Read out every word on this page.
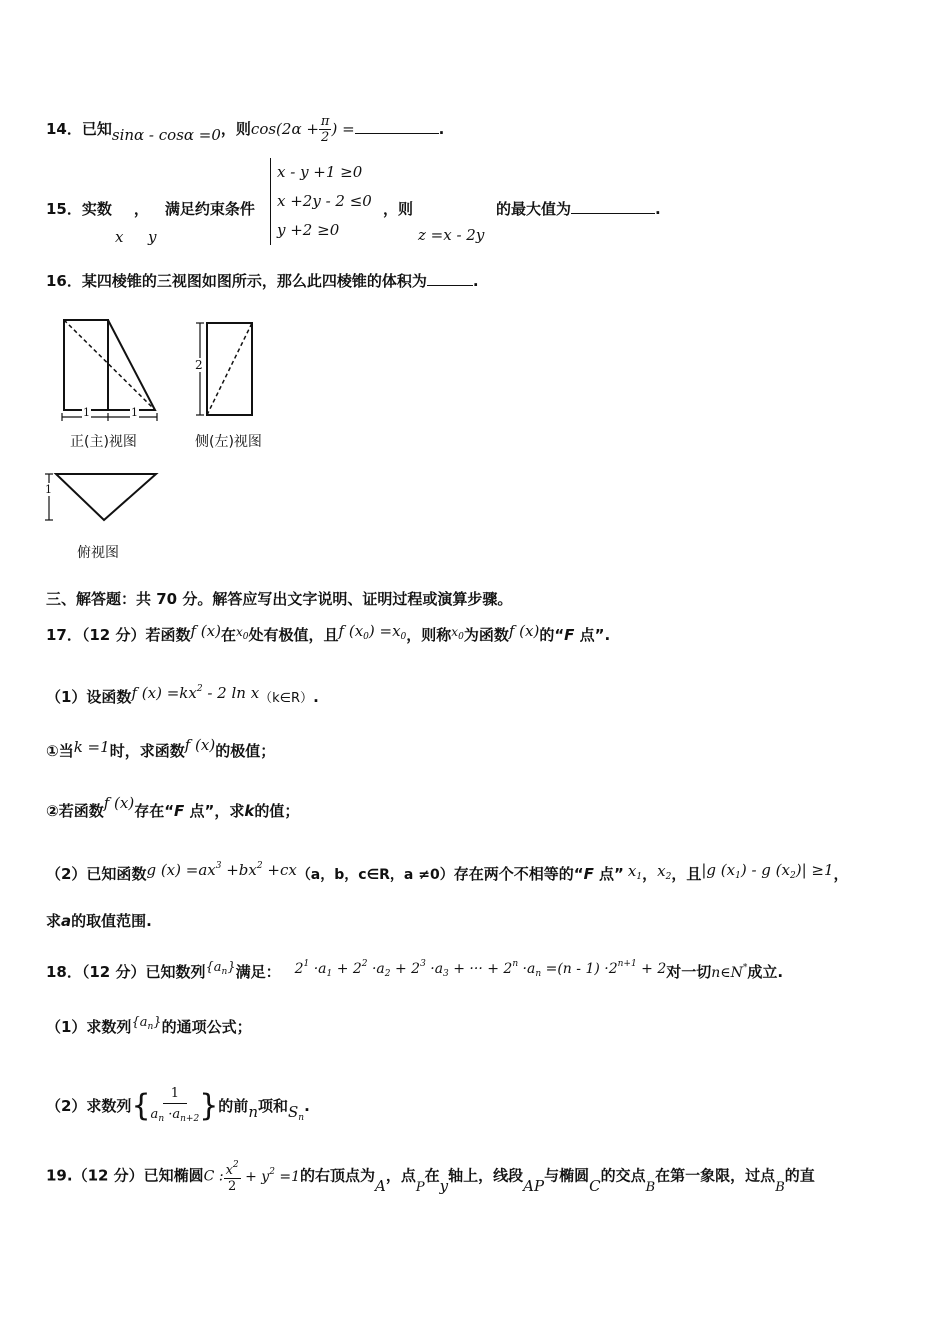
14．已知sinα - cosα =0，则$\cos(2\alpha + \frac{\pi}{2}$ ) =	.
15．实数 ， 满足约束条件
x y
x - y +1 ≥0
x +2y - 2 ≤0
y +2 ≥0
，则
z =x - 2y
的最大值为	.
16．某四棱锥的三视图如图所示，那么此四棱锥的体积为	.
1	1
正(主)视图
2
侧(左)视图
1
俯视图
三、解答题：共 70 分。解答应写出文字说明、证明过程或演算步骤。
17．（12 分）若函数f (x)在$^{x_0}$处有极值，且f $(x_0) =x_0$，则称$^{x_0}$为函数f (x)的“F 点”.
（1）设函数f $(x) =kx^2 - 2$ ln x（k∈R）.
①当k =1时，求函数f (x)的极值；
②若函数f (x)存在“F 点”，求k的值；
（2）已知函数g $(x) =ax^3 +bx^2 +cx(a$，b，c∈R，a ≠0）存在两个不相等的“F 点” $x_1$，$x_2$，且|g $(x_1)$ - g $(x_2)| \ge 1$，
求a的取值范围.
18．（12 分）已知数列$\{a_n\}$满足： $2^1 \cdot a_1 + 2^2 \cdot a_2 + 2^3 \cdot a_3$ + ··· + $2^n \cdot a_n =(n - 1) \cdot 2^{n+1} + 2$对一切n∈N*成立.
（1）求数列$\{a_n\}$的通项公式；
（2）求数列{ $\frac{1}{a_n \cdot a_{n+2}}$ }的前n项和$S_n$.
19.（12 分）已知椭圆C : $\frac{x^2}{2} + y^2 =1$的右顶点为A，点P在y轴上，线段AP与椭圆C的交点B在第一象限，过点B的直
